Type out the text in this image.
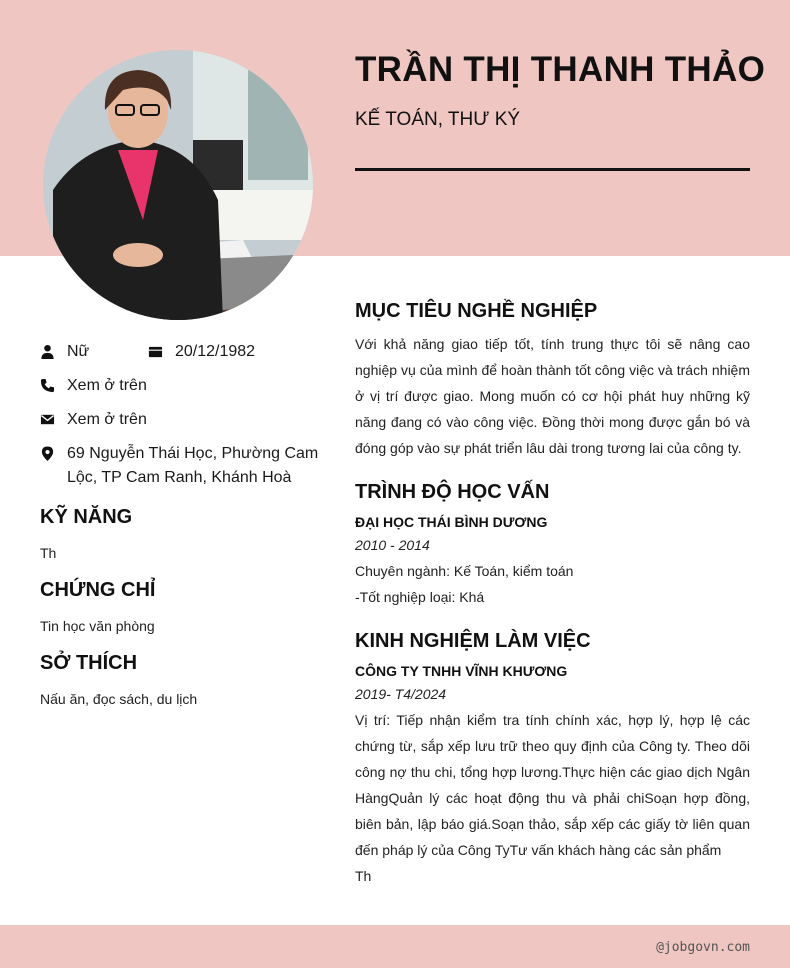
TRẦN THỊ THANH THẢO
KẾ TOÁN, THƯ KÝ
Nữ	20/12/1982
Xem ở trên
Xem ở trên
69 Nguyễn Thái Học, Phường Cam Lộc, TP Cam Ranh, Khánh Hoà
KỸ NĂNG
Th
CHỨNG CHỈ
Tin học văn phòng
SỞ THÍCH
Nấu ăn, đọc sách, du lịch
MỤC TIÊU NGHỀ NGHIỆP

Với khả năng giao tiếp tốt, tính trung thực tôi sẽ nâng cao nghiệp vụ của mình để hoàn thành tốt công việc và trách nhiệm ở vị trí được giao. Mong muốn có cơ hội phát huy những kỹ năng đang có vào công việc. Đồng thời mong được gắn bó và đóng góp vào sự phát triển lâu dài trong tương lai của công ty.

TRÌNH ĐỘ HỌC VẤN

ĐẠI HỌC THÁI BÌNH DƯƠNG

2010 - 2014

Chuyên ngành: Kế Toán, kiểm toán

-Tốt nghiệp loại: Khá

KINH NGHIỆM LÀM VIỆC

CÔNG TY TNHH VĨNH KHƯƠNG

2019- T4/2024

Vị trí: Tiếp nhận kiểm tra tính chính xác, hợp lý, hợp lệ các chứng từ, sắp xếp lưu trữ theo quy định của Công ty. Theo dõi công nợ thu chi, tổng hợp lương.Thực hiện các giao dịch Ngân HàngQuản lý các hoạt động thu và phải chiSoạn hợp đồng, biên bản, lập báo giá.Soạn thảo, sắp xếp các giấy tờ liên quan đến pháp lý của Công TyTư vấn khách hàng các sản phẩm

Th

@jobgovn.com
